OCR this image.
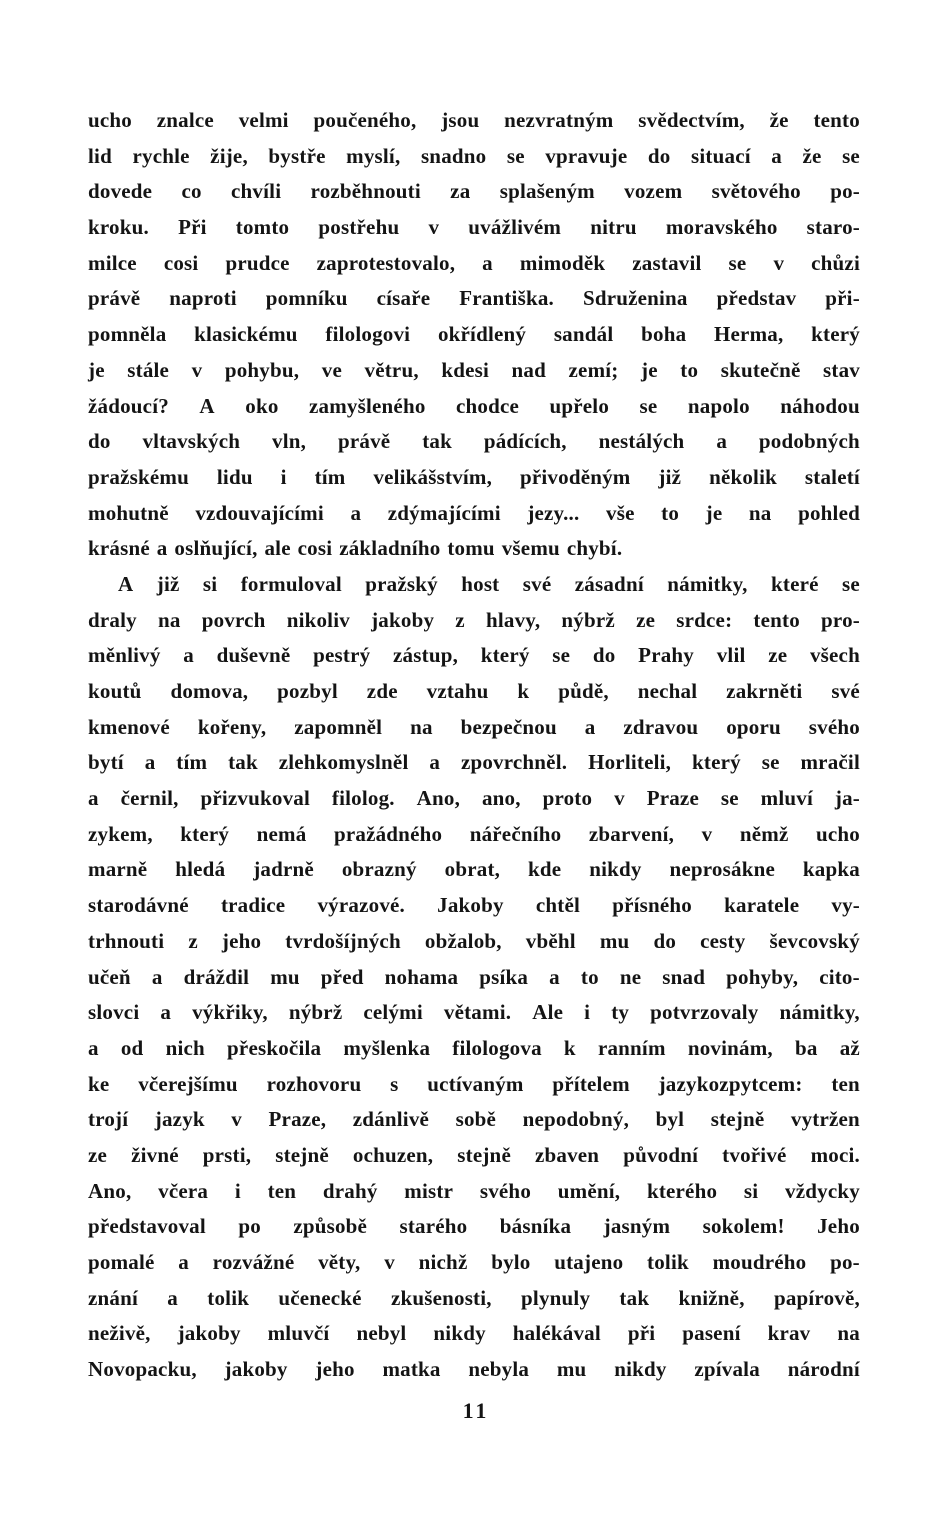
ucho znalce velmi poučeného, jsou nezvratným svědectvím, že tento
lid rychle žije, bystře myslí, snadno se vpravuje do situací a že se
dovede co chvíli rozběhnouti za splašeným vozem světového po-
kroku. Při tomto postřehu v uvážlivém nitru moravského staro-
milce cosi prudce zaprotestovalo, a mimoděk zastavil se v chůzi
právě naproti pomníku císaře Františka. Sdruženina představ při-
pomněla klasickému filologovi okřídlený sandál boha Herma, který
je stále v pohybu, ve větru, kdesi nad zemí; je to skutečně stav
žádoucí? A oko zamyšleného chodce upřelo se napolo náhodou
do vltavských vln, právě tak pádících, nestálých a podobných
pražskému lidu i tím velikášstvím, přivoděným již několik staletí
mohutně vzdouvajícími a zdýmajícími jezy... vše to je na pohled
krásné a oslňující, ale cosi základního tomu všemu chybí.
A již si formuloval pražský host své zásadní námitky, které se
draly na povrch nikoliv jakoby z hlavy, nýbrž ze srdce: tento pro-
měnlivý a duševně pestrý zástup, který se do Prahy vlil ze všech
koutů domova, pozbyl zde vztahu k půdě, nechal zakrněti své
kmenové kořeny, zapomněl na bezpečnou a zdravou oporu svého
bytí a tím tak zlehkomyslněl a zpovrchněl. Horliteli, který se mračil
a černil, přizvukoval filolog. Ano, ano, proto v Praze se mluví ja-
zykem, který nemá pražádného nářečního zbarvení, v němž ucho
marně hledá jadrně obrazný obrat, kde nikdy neprosákne kapka
starodávné tradice výrazové. Jakoby chtěl přísného karatele vy-
trhnouti z jeho tvrdošíjných obžalob, vběhl mu do cesty ševcovský
učeň a dráždil mu před nohama psíka a to ne snad pohyby, cito-
slovci a výkřiky, nýbrž celými větami. Ale i ty potvrzovaly námitky,
a od nich přeskočila myšlenka filologova k ranním novinám, ba až
ke včerejšímu rozhovoru s uctívaným přítelem jazykozpytcem: ten
trojí jazyk v Praze, zdánlivě sobě nepodobný, byl stejně vytržen
ze živné prsti, stejně ochuzen, stejně zbaven původní tvořivé moci.
Ano, včera i ten drahý mistr svého umění, kterého si vždycky
představoval po způsobě starého básníka jasným sokolem! Jeho
pomalé a rozvážné věty, v nichž bylo utajeno tolik moudrého po-
znání a tolik učenecké zkušenosti, plynuly tak knižně, papírově,
neživě, jakoby mluvčí nebyl nikdy halékával při pasení krav na
Novopacku, jakoby jeho matka nebyla mu nikdy zpívala národní
11
